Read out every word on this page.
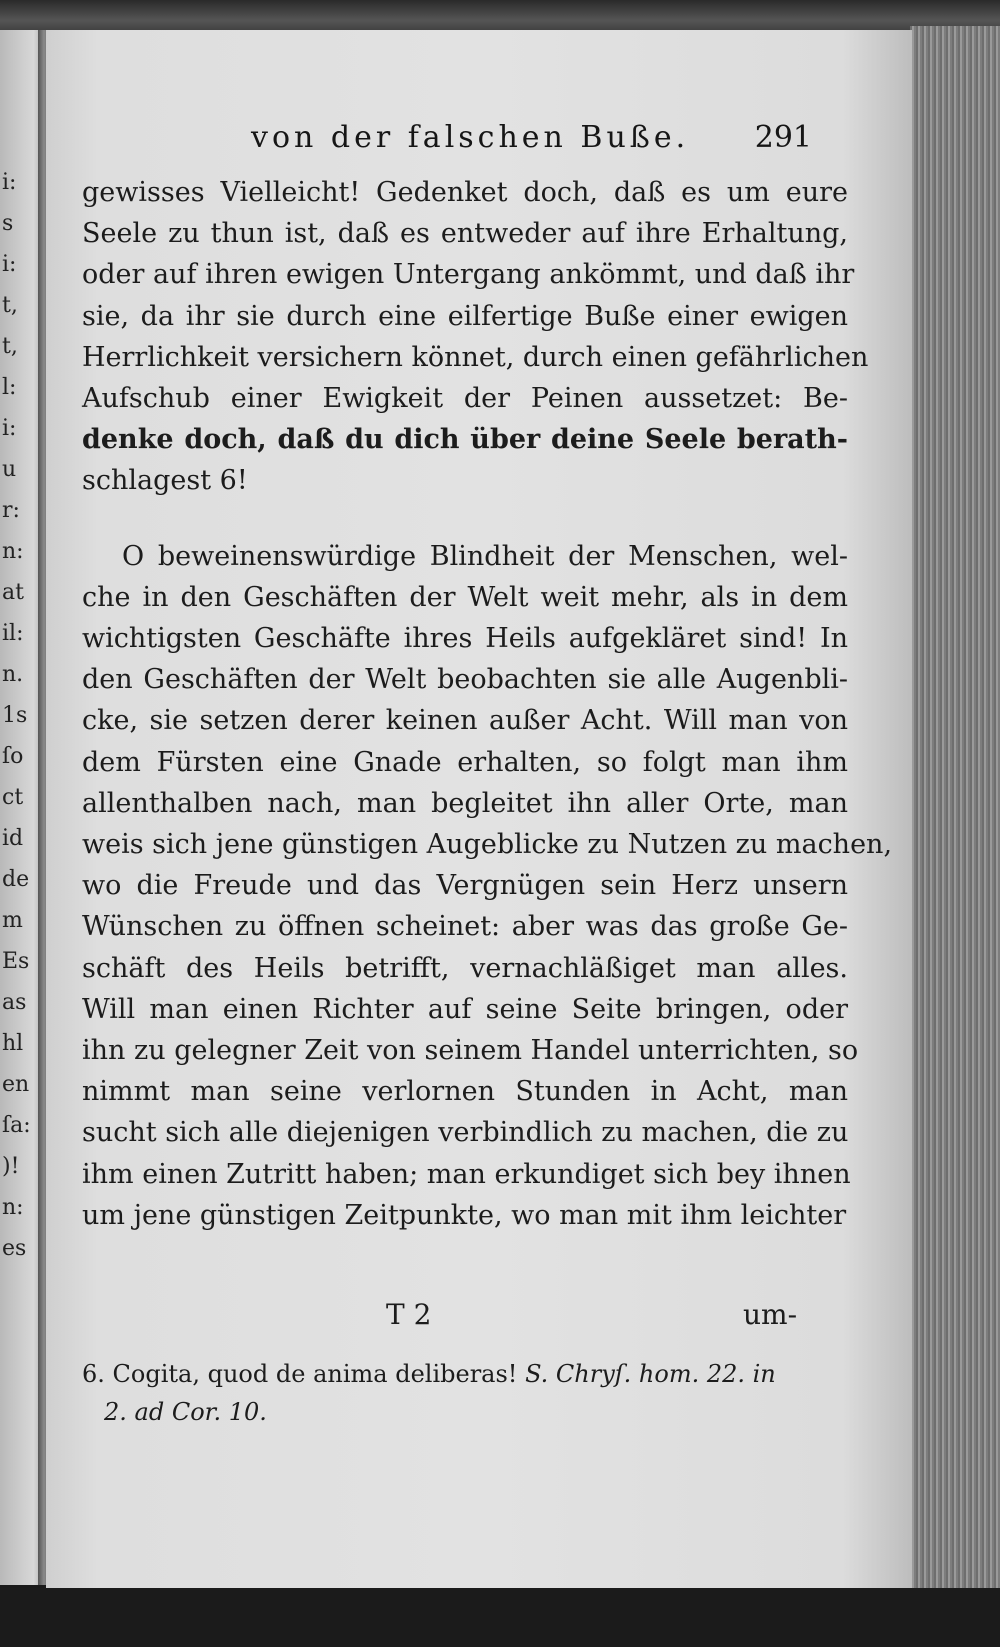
i:
s
i:
t,
t,
l:
i:
u
r:
n:
at
il:
n.
1s
ſo
ct
id
de
m
Es
as
hl
en
ſa:
)!
n:
es
von der falschen Buße. 291
gewisses Vielleicht! Gedenket doch, daß es um eure
Seele zu thun ist, daß es entweder auf ihre Erhaltung,
oder auf ihren ewigen Untergang ankömmt, und daß ihr
sie, da ihr sie durch eine eilfertige Buße einer ewigen
Herrlichkeit versichern könnet, durch einen gefährlichen
Aufschub einer Ewigkeit der Peinen aussetzet: Be-
denke doch, daß du dich über deine Seele berath-
schlagest 6!
O beweinenswürdige Blindheit der Menschen, wel-
che in den Geschäften der Welt weit mehr, als in dem
wichtigsten Geschäfte ihres Heils aufgekläret sind! In
den Geschäften der Welt beobachten sie alle Augenbli-
cke, sie setzen derer keinen außer Acht. Will man von
dem Fürsten eine Gnade erhalten, so folgt man ihm
allenthalben nach, man begleitet ihn aller Orte, man
weis sich jene günstigen Augeblicke zu Nutzen zu machen,
wo die Freude und das Vergnügen sein Herz unsern
Wünschen zu öffnen scheinet: aber was das große Ge-
schäft des Heils betrifft, vernachläßiget man alles.
Will man einen Richter auf seine Seite bringen, oder
ihn zu gelegner Zeit von seinem Handel unterrichten, so
nimmt man seine verlornen Stunden in Acht, man
sucht sich alle diejenigen verbindlich zu machen, die zu
ihm einen Zutritt haben; man erkundiget sich bey ihnen
um jene günstigen Zeitpunkte, wo man mit ihm leichter
T 2	um-
6. Cogita, quod de anima deliberas! S. Chryſ. hom. 22. in
2. ad Cor. 10.
